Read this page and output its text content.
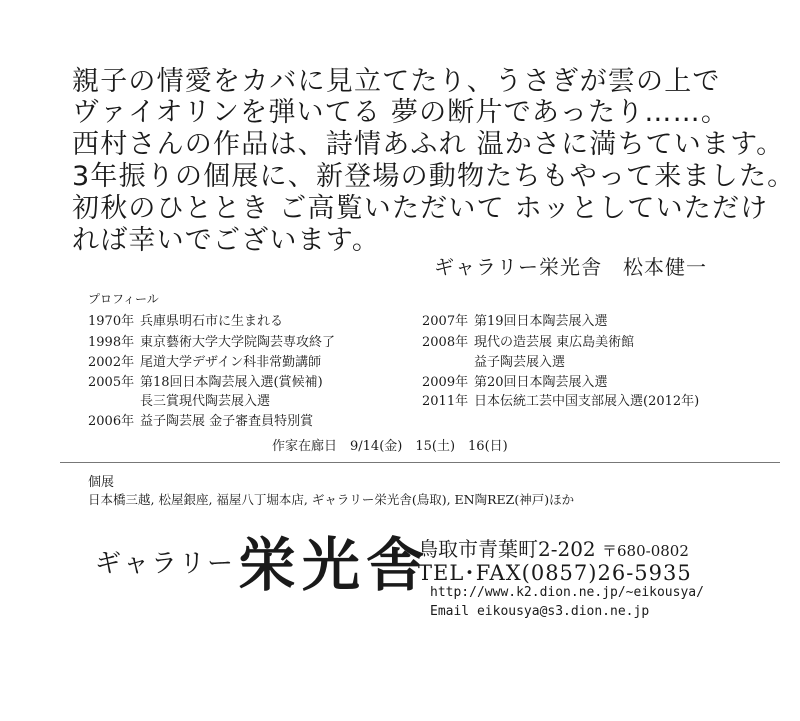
親子の情愛をカバに見立てたり、うさぎが雲の上で
ヴァイオリンを弾いてる 夢の断片であったり……。
西村さんの作品は、詩情あふれ 温かさに満ちています。
3年振りの個展に、新登場の動物たちもやって来ました。
初秋のひととき ご高覧いただいて ホッとしていただけ
れば幸いでございます。
ギャラリー栄光舎　松本健一
プロフィール
1970年 兵庫県明石市に生まれる
1998年 東京藝術大学大学院陶芸専攻終了
2002年 尾道大学デザイン科非常勤講師
2005年 第18回日本陶芸展入選(賞候補)
長三賞現代陶芸展入選
2006年 益子陶芸展 金子審査員特別賞
2007年 第19回日本陶芸展入選
2008年 現代の造芸展 東広島美術館
益子陶芸展入選
2009年 第20回日本陶芸展入選
2011年 日本伝統工芸中国支部展入選(2012年)
作家在廊日　9/14(金)　15(土)　16(日)
個展
日本橋三越, 松屋銀座, 福屋八丁堀本店, ギャラリー栄光舎(鳥取), EN陶REZ(神戸)ほか
ギャラリー 栄光舎
鳥取市青葉町2-202 〒680-0802
TEL･FAX(0857)26-5935
http://www.k2.dion.ne.jp/~eikousya/
Email eikousya@s3.dion.ne.jp
